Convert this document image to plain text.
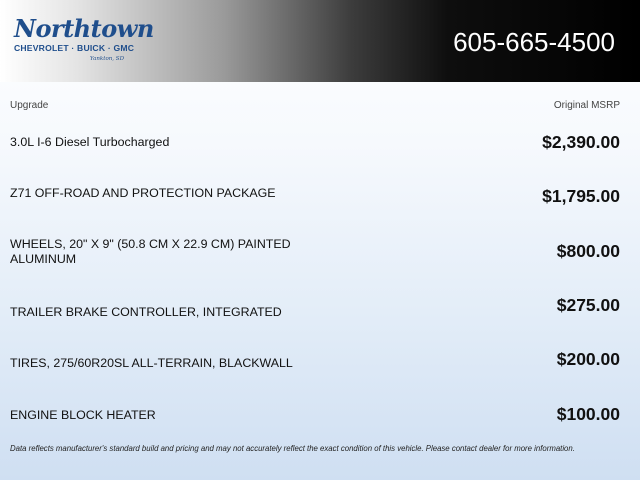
Northtown
CHEVROLET · BUICK · GMC
Yankton, SD
605-665-4500
Upgrade	Original MSRP
3.0L I-6 Diesel Turbocharged	$2,390.00
Z71 OFF-ROAD AND PROTECTION PACKAGE	$1,795.00
WHEELS, 20" X 9" (50.8 CM X 22.9 CM) PAINTED ALUMINUM	$800.00
TRAILER BRAKE CONTROLLER, INTEGRATED	$275.00
TIRES, 275/60R20SL ALL-TERRAIN, BLACKWALL	$200.00
ENGINE BLOCK HEATER	$100.00
Data reflects manufacturer's standard build and pricing and may not accurately reflect the exact condition of this vehicle. Please contact dealer for more information.
